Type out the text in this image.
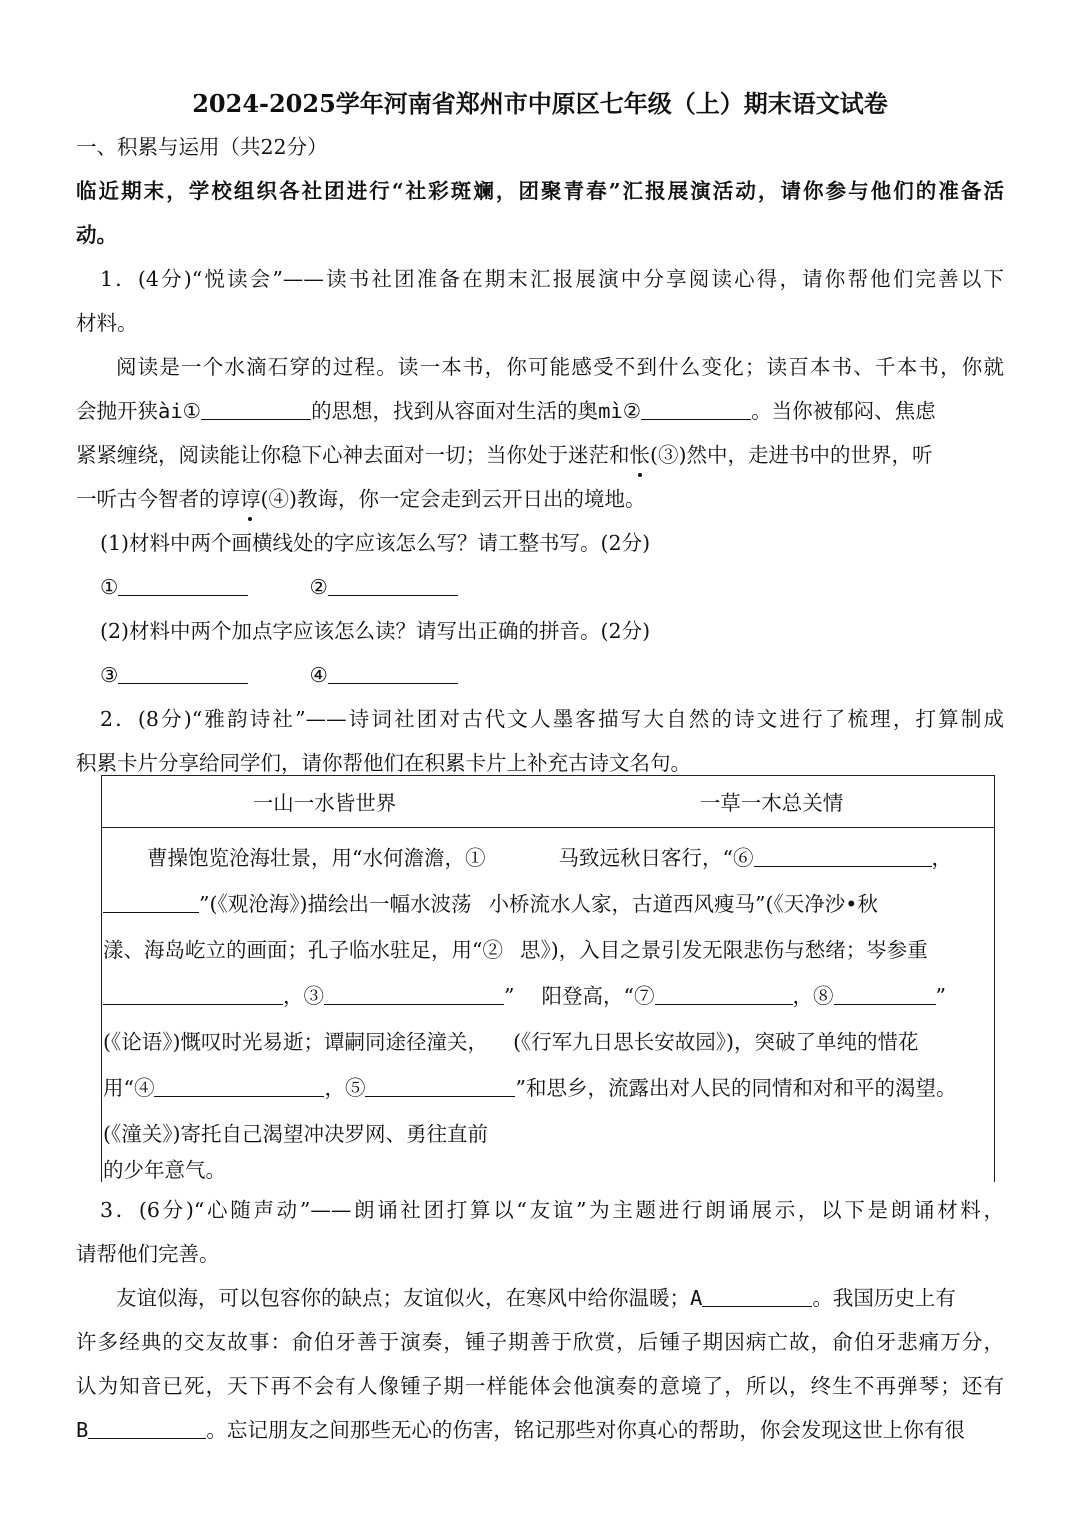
2024-2025学年河南省郑州市中原区七年级（上）期末语文试卷
一、积累与运用（共22分）
临近期末，学校组织各社团进行“社彩斑斓，团聚青春”汇报展演活动，请你参与他们的准备活
动。
1．(4分)“悦读会”——读书社团准备在期末汇报展演中分享阅读心得，请你帮他们完善以下
材料。
阅读是一个水滴石穿的过程。读一本书，你可能感受不到什么变化；读百本书、千本书，你就
会抛开狭ài①	的思想，找到从容面对生活的奥mì②	。当你被郁闷、焦虑
紧紧缠绕，阅读能让你稳下心神去面对一切；当你处于迷茫和怅(③)然中，走进书中的世界，听
一听古今智者的谆谆(④)教诲，你一定会走到云开日出的境地。
(1)材料中两个画横线处的字应该怎么写？请工整书写。(2分)
①	②
(2)材料中两个加点字应该怎么读？请写出正确的拼音。(2分)
③	④
2．(8分)“雅韵诗社”——诗词社团对古代文人墨客描写大自然的诗文进行了梳理，打算制成
积累卡片分享给同学们，请你帮他们在积累卡片上补充古诗文名句。
一山一水皆世界	一草一木总关情
曹操饱览沧海壮景，用“水何澹澹，①	马致远秋日客行，“⑥	，
”(《观沧海》)描绘出一幅水波荡 小桥流水人家，古道西风瘦马”(《天净沙•秋
漾、海岛屹立的画面；孔子临水驻足，用“② 思》)，入目之景引发无限悲伤与愁绪；岑参重
，③	” 阳登高，“⑦	，⑧	”
(《论语》)慨叹时光易逝；谭嗣同途径潼关， (《行军九日思长安故园》)，突破了单纯的惜花
用“④	，⑤	”和思乡，流露出对人民的同情和对和平的渴望。
(《潼关》)寄托自己渴望冲决罗网、勇往直前
的少年意气。
3．(6分)“心随声动”——朗诵社团打算以“友谊”为主题进行朗诵展示，以下是朗诵材料，
请帮他们完善。
友谊似海，可以包容你的缺点；友谊似火，在寒风中给你温暖；A	。我国历史上有
许多经典的交友故事：俞伯牙善于演奏，锺子期善于欣赏，后锺子期因病亡故，俞伯牙悲痛万分，
认为知音已死，天下再不会有人像锺子期一样能体会他演奏的意境了，所以，终生不再弹琴；还有
B	。忘记朋友之间那些无心的伤害，铭记那些对你真心的帮助，你会发现这世上你有很
